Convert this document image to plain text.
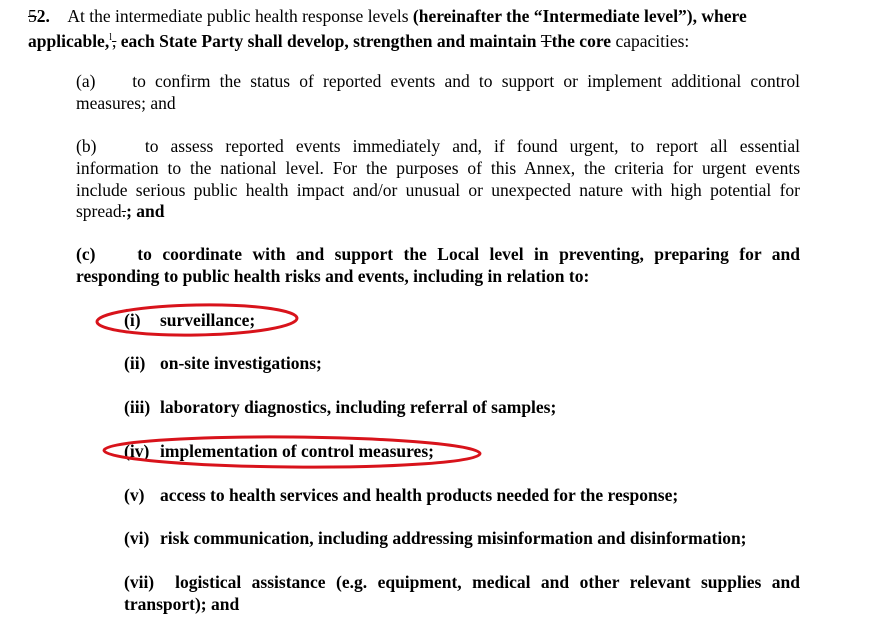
52. At the intermediate public health response levels (hereinafter the “Intermediate level”), where
applicable,$^l$, each State Party shall develop, strengthen and maintain Tthe core capacities:
(a) to confirm the status of reported events and to support or implement additional control
measures; and
(b)	to assess reported events immediately and, if found urgent, to report all essential
information to the national level. For the purposes of this Annex, the criteria for urgent events
include serious public health impact and/or unusual or unexpected nature with high potential for
spread.; and
(c) to coordinate with and support the Local level in preventing, preparing for and
responding to public health risks and events, including in relation to:
(i) surveillance;
(ii) on-site investigations;
(iii) laboratory diagnostics, including referral of samples;
(iv) implementation of control measures;
(v) access to health services and health products needed for the response;
(vi) risk communication, including addressing misinformation and disinformation;
(vii) logistical assistance (e.g. equipment, medical and other relevant supplies and
transport); and
